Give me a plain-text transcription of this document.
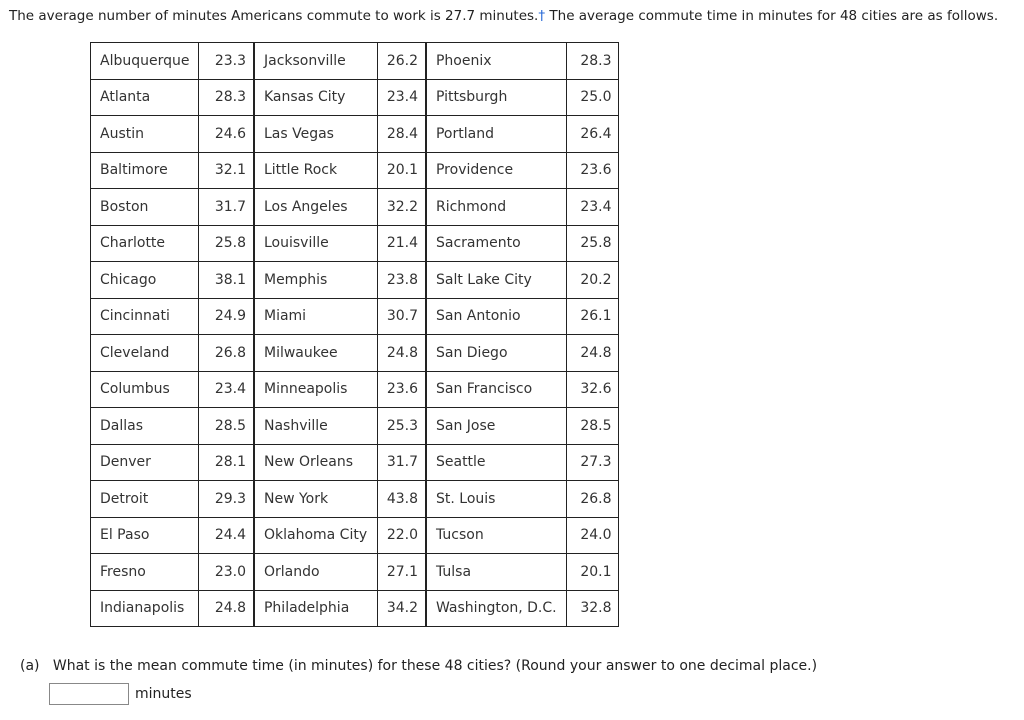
The average number of minutes Americans commute to work is 27.7 minutes.† The average commute time in minutes for 48 cities are as follows.
Albuquerque	23.3	Jacksonville	26.2	Phoenix	28.3
Atlanta	28.3	Kansas City	23.4	Pittsburgh	25.0
Austin	24.6	Las Vegas	28.4	Portland	26.4
Baltimore	32.1	Little Rock	20.1	Providence	23.6
Boston	31.7	Los Angeles	32.2	Richmond	23.4
Charlotte	25.8	Louisville	21.4	Sacramento	25.8
Chicago	38.1	Memphis	23.8	Salt Lake City	20.2
Cincinnati	24.9	Miami	30.7	San Antonio	26.1
Cleveland	26.8	Milwaukee	24.8	San Diego	24.8
Columbus	23.4	Minneapolis	23.6	San Francisco	32.6
Dallas	28.5	Nashville	25.3	San Jose	28.5
Denver	28.1	New Orleans	31.7	Seattle	27.3
Detroit	29.3	New York	43.8	St. Louis	26.8
El Paso	24.4	Oklahoma City	22.0	Tucson	24.0
Fresno	23.0	Orlando	27.1	Tulsa	20.1
Indianapolis	24.8	Philadelphia	34.2	Washington, D.C.	32.8
(a) What is the mean commute time (in minutes) for these 48 cities? (Round your answer to one decimal place.)
minutes
